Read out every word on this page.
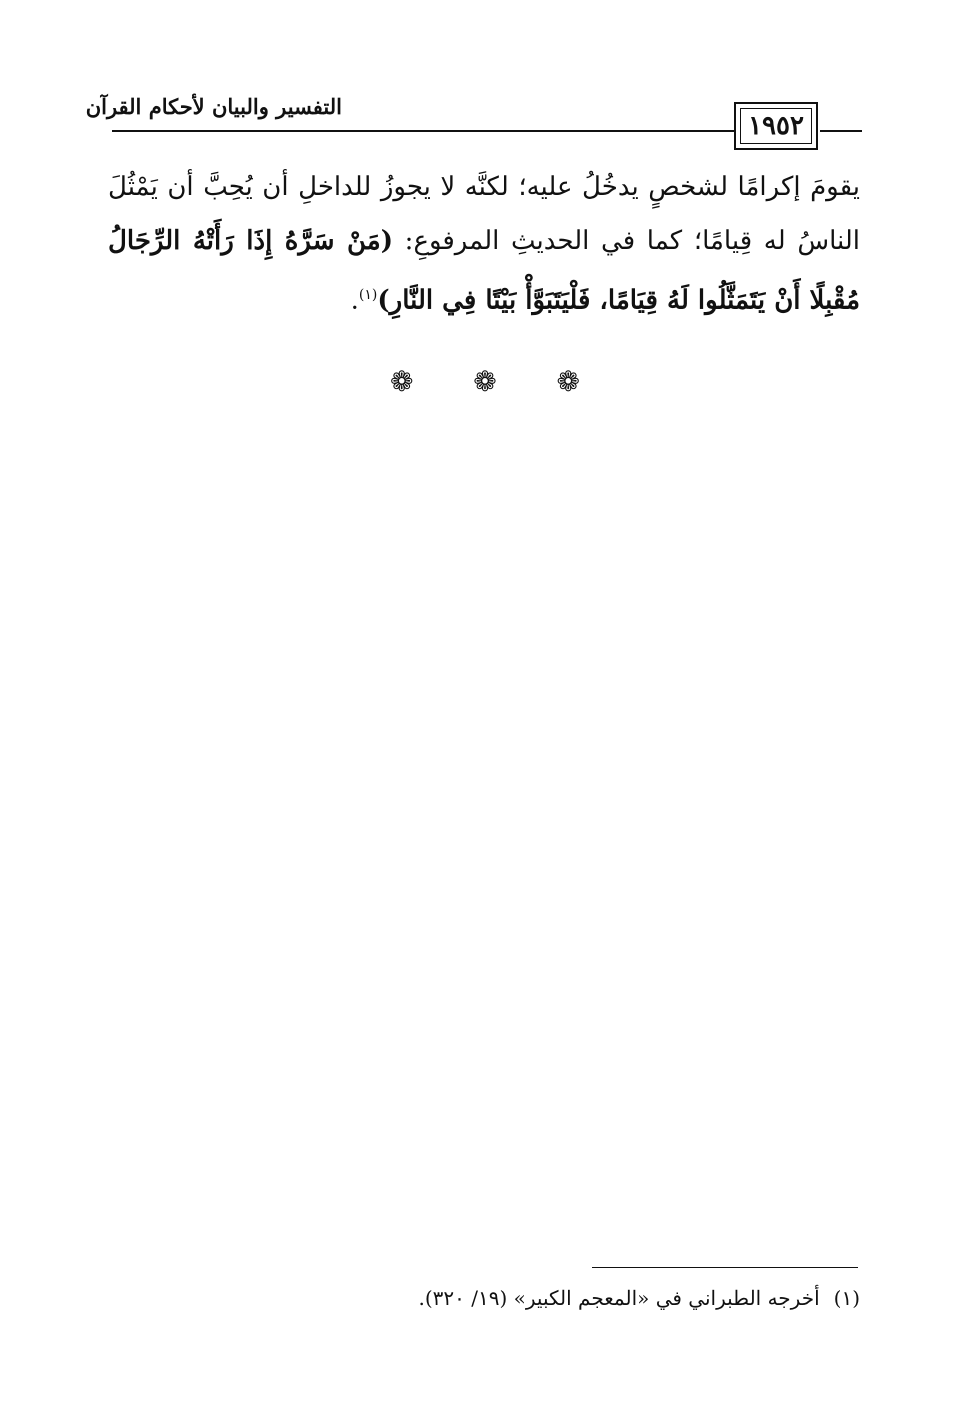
التفسير والبيان لأحكام القرآن
١٩٥٢

يقومَ إكرامًا لشخصٍ يدخُلُ عليه؛ لكنَّه لا يجوزُ للداخلِ أن يُحِبَّ أن يَمْثُلَ الناسُ له قِيامًا؛ كما في الحديثِ المرفوعِ: (مَنْ سَرَّهُ إِذَا رَأَتْهُ الرِّجَالُ مُقْبِلًا أَنْ يَتَمَثَّلُوا لَهُ قِيَامًا، فَلْيَتَبَوَّأْ بَيْتًا فِي النَّارِ)$^{(١)}$.

❁ ❁ ❁
(١)أخرجه الطبراني في «المعجم الكبير» (١٩/ ٣٢٠).
